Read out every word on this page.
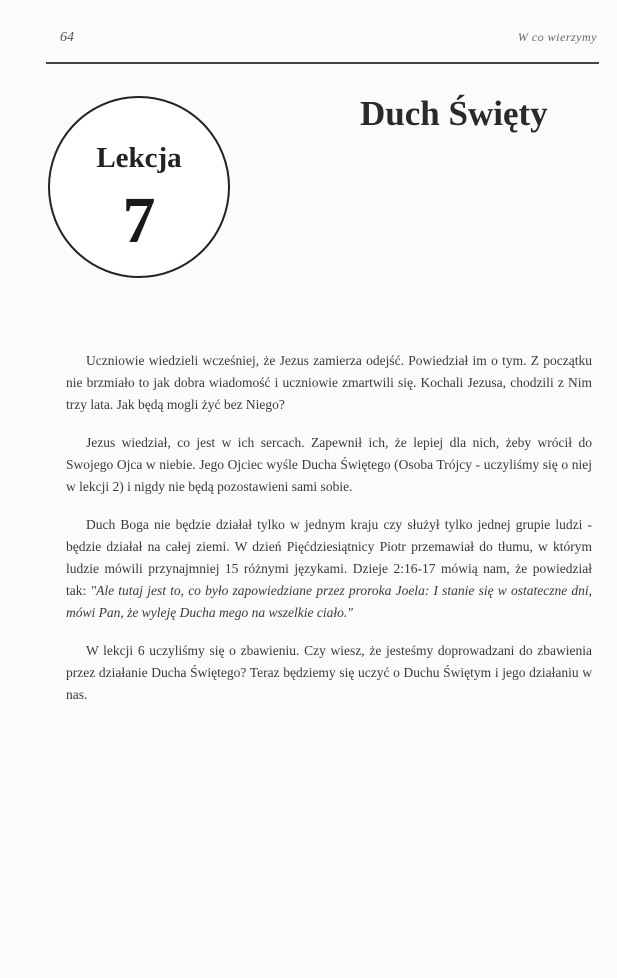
64	W co wierzymy
Lekcja
7
Duch Święty

Uczniowie wiedzieli wcześniej, że Jezus zamierza odejść. Powiedział im o tym. Z początku nie brzmiało to jak dobra wiadomość i uczniowie zmartwili się. Kochali Jezusa, chodzili z Nim trzy lata. Jak będą mogli żyć bez Niego?

Jezus wiedział, co jest w ich sercach. Zapewnił ich, że lepiej dla nich, żeby wrócił do Swojego Ojca w niebie. Jego Ojciec wyśle Ducha Świętego (Osoba Trójcy - uczyliśmy się o niej w lekcji 2) i nigdy nie będą pozostawieni sami sobie.

Duch Boga nie będzie działał tylko w jednym kraju czy służył tylko jednej grupie ludzi - będzie działał na całej ziemi. W dzień Pięćdziesiątnicy Piotr przemawiał do tłumu, w którym ludzie mówili przynajmniej 15 różnymi językami. Dzieje 2:16-17 mówią nam, że powiedział tak: "Ale tutaj jest to, co było zapowiedziane przez proroka Joela: I stanie się w ostateczne dni, mówi Pan, że wyleję Ducha mego na wszelkie ciało."

W lekcji 6 uczyliśmy się o zbawieniu. Czy wiesz, że jesteśmy doprowadzani do zbawienia przez działanie Ducha Świętego? Teraz będziemy się uczyć o Duchu Świętym i jego działaniu w nas.
